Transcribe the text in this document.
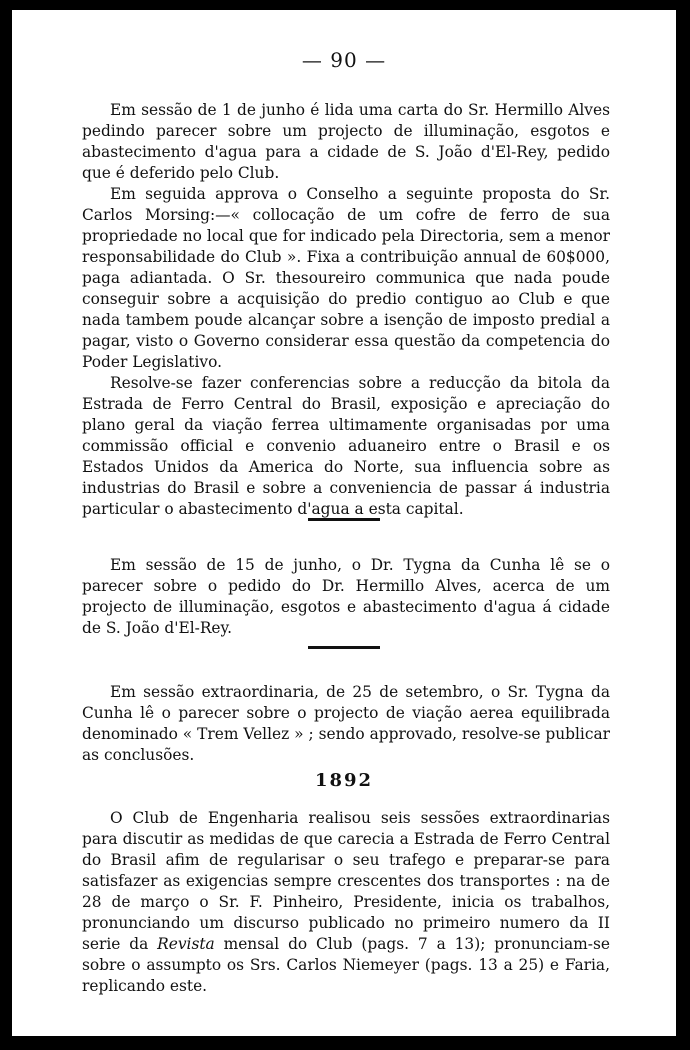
— 90 —

Em sessão de 1 de junho é lida uma carta do Sr. Hermillo Alves pedindo parecer sobre um projecto de illuminação, esgotos e abastecimento d'agua para a cidade de S. João d'El-Rey, pedido que é deferido pelo Club.

Em seguida approva o Conselho a seguinte proposta do Sr. Carlos Morsing:—« collocação de um cofre de ferro de sua propriedade no local que for indicado pela Directoria, sem a menor responsabilidade do Club ». Fixa a contribuição annual de 60$000, paga adiantada. O Sr. thesoureiro communica que nada poude conseguir sobre a acquisição do predio contiguo ao Club e que nada tambem poude alcançar sobre a isenção de imposto predial a pagar, visto o Governo considerar essa questão da competencia do Poder Legislativo.

Resolve-se fazer conferencias sobre a reducção da bitola da Estrada de Ferro Central do Brasil, exposição e apreciação do plano geral da viação ferrea ultimamente organisadas por uma commissão official e convenio aduaneiro entre o Brasil e os Estados Unidos da America do Norte, sua influencia sobre as industrias do Brasil e sobre a conveniencia de passar á industria particular o abastecimento d'agua a esta capital.

Em sessão de 15 de junho, o Dr. Tygna da Cunha lê se o parecer sobre o pedido do Dr. Hermillo Alves, acerca de um projecto de illuminação, esgotos e abastecimento d'agua á cidade de S. João d'El-Rey.

Em sessão extraordinaria, de 25 de setembro, o Sr. Tygna da Cunha lê o parecer sobre o projecto de viação aerea equilibrada denominado « Trem Vellez » ; sendo approvado, resolve-se publicar as conclusões.

1892

O Club de Engenharia realisou seis sessões extraordinarias para discutir as medidas de que carecia a Estrada de Ferro Central do Brasil afim de regularisar o seu trafego e preparar-se para satisfazer as exigencias sempre crescentes dos transportes : na de 28 de março o Sr. F. Pinheiro, Presidente, inicia os trabalhos, pronunciando um discurso publicado no primeiro numero da II serie da Revista mensal do Club (pags. 7 a 13); pronunciam-se sobre o assumpto os Srs. Carlos Niemeyer (pags. 13 a 25) e Faria, replicando este.
